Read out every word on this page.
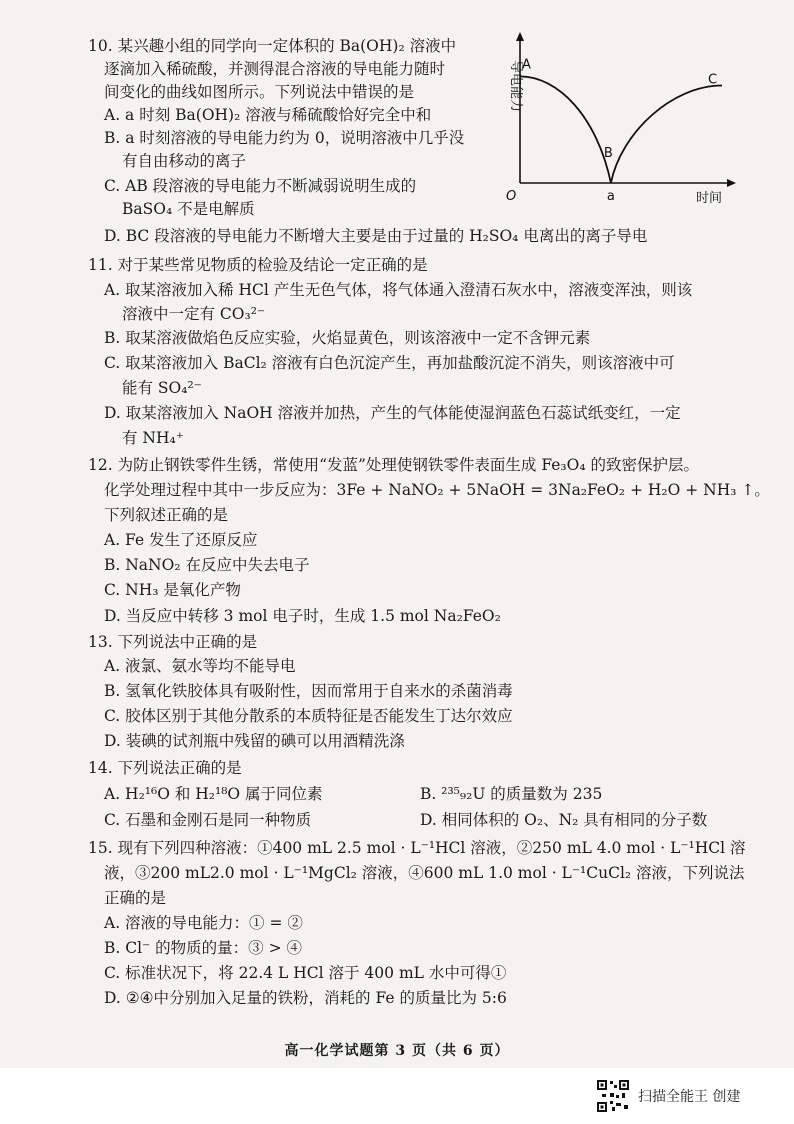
10. 某兴趣小组的同学向一定体积的 Ba(OH)₂ 溶液中
逐滴加入稀硫酸，并测得混合溶液的导电能力随时
间变化的曲线如图所示。下列说法中错误的是
A. a 时刻 Ba(OH)₂ 溶液与稀硫酸恰好完全中和
B. a 时刻溶液的导电能力约为 0，说明溶液中几乎没
有自由移动的离子
C. AB 段溶液的导电能力不断减弱说明生成的
BaSO₄ 不是电解质
D. BC 段溶液的导电能力不断增大主要是由于过量的 H₂SO₄ 电离出的离子导电
导电能力
时间
O
A
B
C
a
11. 对于某些常见物质的检验及结论一定正确的是
A. 取某溶液加入稀 HCl 产生无色气体，将气体通入澄清石灰水中，溶液变浑浊，则该
溶液中一定有 CO₃²⁻
B. 取某溶液做焰色反应实验，火焰显黄色，则该溶液中一定不含钾元素
C. 取某溶液加入 BaCl₂ 溶液有白色沉淀产生，再加盐酸沉淀不消失，则该溶液中可
能有 SO₄²⁻
D. 取某溶液加入 NaOH 溶液并加热，产生的气体能使湿润蓝色石蕊试纸变红，一定
有 NH₄⁺
12. 为防止钢铁零件生锈，常使用“发蓝”处理使钢铁零件表面生成 Fe₃O₄ 的致密保护层。
化学处理过程中其中一步反应为：3Fe + NaNO₂ + 5NaOH = 3Na₂FeO₂ + H₂O + NH₃ ↑。
下列叙述正确的是
A. Fe 发生了还原反应
B. NaNO₂ 在反应中失去电子
C. NH₃ 是氧化产物
D. 当反应中转移 3 mol 电子时，生成 1.5 mol Na₂FeO₂
13. 下列说法中正确的是
A. 液氯、氨水等均不能导电
B. 氢氧化铁胶体具有吸附性，因而常用于自来水的杀菌消毒
C. 胶体区别于其他分散系的本质特征是否能发生丁达尔效应
D. 装碘的试剂瓶中残留的碘可以用酒精洗涤
14. 下列说法正确的是
A. H₂¹⁶O 和 H₂¹⁸O 属于同位素	B. ²³⁵₉₂U 的质量数为 235
C. 石墨和金刚石是同一种物质	D. 相同体积的 O₂、N₂ 具有相同的分子数
15. 现有下列四种溶液：①400 mL 2.5 mol · L⁻¹HCl 溶液，②250 mL 4.0 mol · L⁻¹HCl 溶
液，③200 mL2.0 mol · L⁻¹MgCl₂ 溶液，④600 mL 1.0 mol · L⁻¹CuCl₂ 溶液，下列说法
正确的是
A. 溶液的导电能力：① = ②
B. Cl⁻ 的物质的量：③ > ④
C. 标准状况下，将 22.4 L HCl 溶于 400 mL 水中可得①
D. ②④中分别加入足量的铁粉，消耗的 Fe 的质量比为 5:6
高一化学试题第 3 页（共 6 页）
扫描全能王 创建
